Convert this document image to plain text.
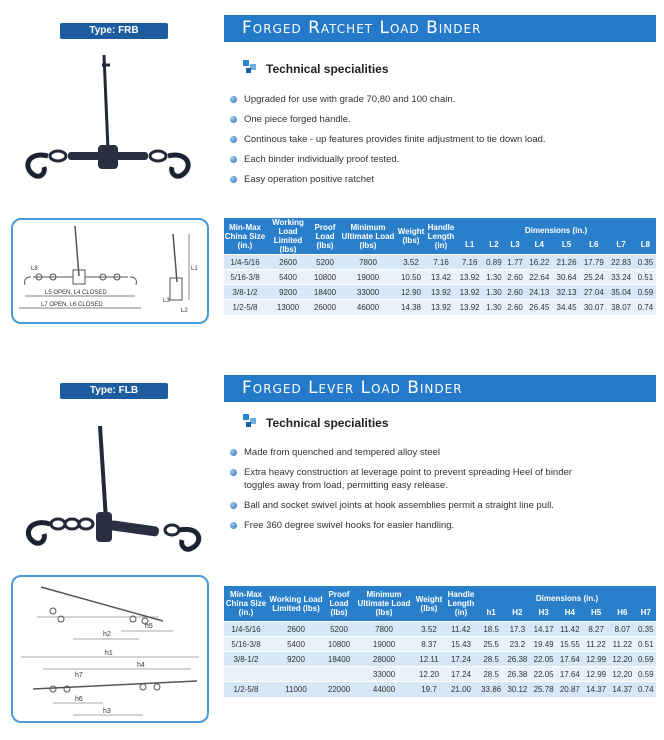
Type: FRB	Forged Ratchet Load Binder
Technical specialities
Upgraded for use with grade 70,80 and 100 chain.
One piece forged handle.
Continous take - up features provides finite adjustment to tie down load.
Each binder individually proof tested.
Easy operation positive ratchet
L8
L5 OPEN, L4 CLOSED
L7 OPEN, L6 CLOSED
L1
L2
L3
Min-Max China Size (in.)	Working Load Limited (lbs)	Proof Load (lbs)	Minimum Ultimate Load (lbs)	Weight (lbs)	Handle Length (in)	Dimensions (in.)							
						L1	L2	L3	L4	L5	L6	L7	L8
1/4-5/16	2600	5200	7800	3.52	7.16	7.16	0.89	1.77	16.22	21.26	17.79	22.83	0.35
5/16-3/8	5400	10800	19000	10.50	13.42	13.92	1.30	2.60	22.64	30.64	25.24	33.24	0.51
3/8-1/2	9200	18400	33000	12.90	13.92	13.92	1.30	2.60	24.13	32.13	27.04	35.04	0.59
1/2-5/8	13000	26000	46000	14.38	13.92	13.92	1.30	2.60	26.45	34.45	30.07	38.07	0.74
Type: FLB	Forged Lever Load Binder
Technical specialities
Made from quenched and tempered alloy steel
Extra heavy construction at leverage point to prevent spreading Heel of binder
toggles away from load, permitting easy release.
Ball and socket swivel joints at hook assemblies permit a straight line pull.
Free 360 degree swivel hooks for easier handling.
h2
h5
h1
h4
h7
h6
h3
Min-Max China Size (in.)	Working Load Limited (lbs)	Proof Load (lbs)	Minimum Ultimate Load (lbs)	Weight (lbs)	Handle Length (in)	Dimensions (in.)						
						h1	H2	H3	H4	H5	H6	H7
1/4-5/16	2600	5200	7800	3.52	11.42	18.5	17.3	14.17	11.42	8.27	8.07	0.35
5/16-3/8	5400	10800	19000	8.37	15.43	25.5	23.2	19.49	15.55	11.22	11.22	0.51
3/8-1/2	9200	18400	28000	12.11	17.24	28.5	26.38	22.05	17.64	12.99	12.20	0.59
			33000	12.20	17.24	28.5	26.38	22.05	17.64	12.99	12.20	0.59
1/2-5/8	11000	22000	44000	19.7	21.00	33.86	30.12	25.78	20.87	14.37	14.37	0.74
